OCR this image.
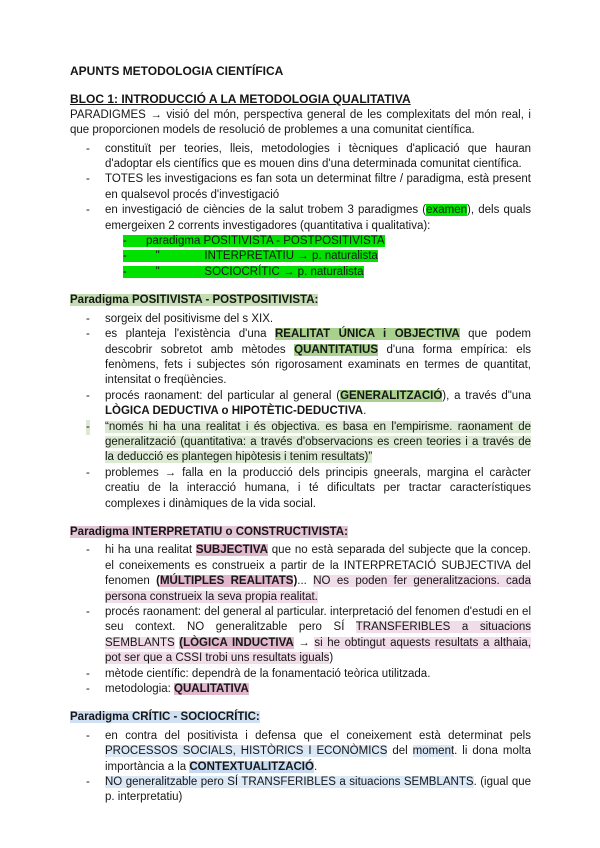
APUNTS METODOLOGIA CIENTÍFICA
BLOC 1: INTRODUCCIÓ A LA METODOLOGIA QUALITATIVA
PARADIGMES → visió del món, perspectiva general de les complexitats del món real, i que proporcionen models de resolució de problemes a una comunitat científica.
- constituït per teories, lleis, metodologies i tècniques d'aplicació que hauran d'adoptar els científics que es mouen dins d'una determinada comunitat científica.
- TOTES les investigacions es fan sota un determinat filtre / paradigma, està present en qualsevol procés d'investigació
- en investigació de ciències de la salut trobem 3 paradigmes (examen), dels quals emergeixen 2 corrents investigadores (quantitativa i qualitativa):
-      paradigma POSITIVISTA - POSTPOSITIVISTA
-         "              INTERPRETATIU → p. naturalista
-         "              SOCIOCRÍTIC → p. naturalista
Paradigma POSITIVISTA - POSTPOSITIVISTA:
- sorgeix del positivisme del s XIX.
- es planteja l'existència d'una REALITAT ÚNICA i OBJECTIVA que podem descobrir sobretot amb mètodes QUANTITATIUS d'una forma empírica: els fenòmens, fets i subjectes són rigorosament examinats en termes de quantitat, intensitat o freqüències.
- procés raonament: del particular al general (GENERALITZACIÓ), a través d"una LÒGICA DEDUCTIVA o HIPOTÈTIC-DEDUCTIVA.
- “només hi ha una realitat i és objectiva. es basa en l'empirisme. raonament de generalització (quantitativa: a través d'observacions es creen teories i a través de la deducció es plantegen hipòtesis i tenim resultats)”
- problemes → falla en la producció dels principis gneerals, margina el caràcter creatiu de la interacció humana, i té dificultats per tractar característiques complexes i dinàmiques de la vida social.
Paradigma INTERPRETATIU o CONSTRUCTIVISTA:
- hi ha una realitat SUBJECTIVA que no està separada del subjecte que la concep. el coneixements es construeix a partir de la INTERPRETACIÓ SUBJECTIVA del fenomen (MÚLTIPLES REALITATS)... NO es poden fer generalitzacions. cada persona construeix la seva propia realitat.
- procés raonament: del general al particular. interpretació del fenomen d'estudi en el seu context. NO generalitzable pero SÍ TRANSFERIBLES a situacions SEMBLANTS (LÒGICA INDUCTIVA → si he obtingut aquests resultats a althaia, pot ser que a CSSI trobi uns resultats iguals)
- mètode científic: dependrà de la fonamentació teòrica utilitzada.
- metodologia: QUALITATIVA
Paradigma CRÍTIC - SOCIOCRÍTIC:
- en contra del positivista i defensa que el coneixement està determinat pels PROCESSOS SOCIALS, HISTÒRICS I ECONÒMICS del moment. li dona molta importància a la CONTEXTUALITZACIÓ.
- NO generalitzable pero SÍ TRANSFERIBLES a situacions SEMBLANTS. (igual que p. interpretatiu)
